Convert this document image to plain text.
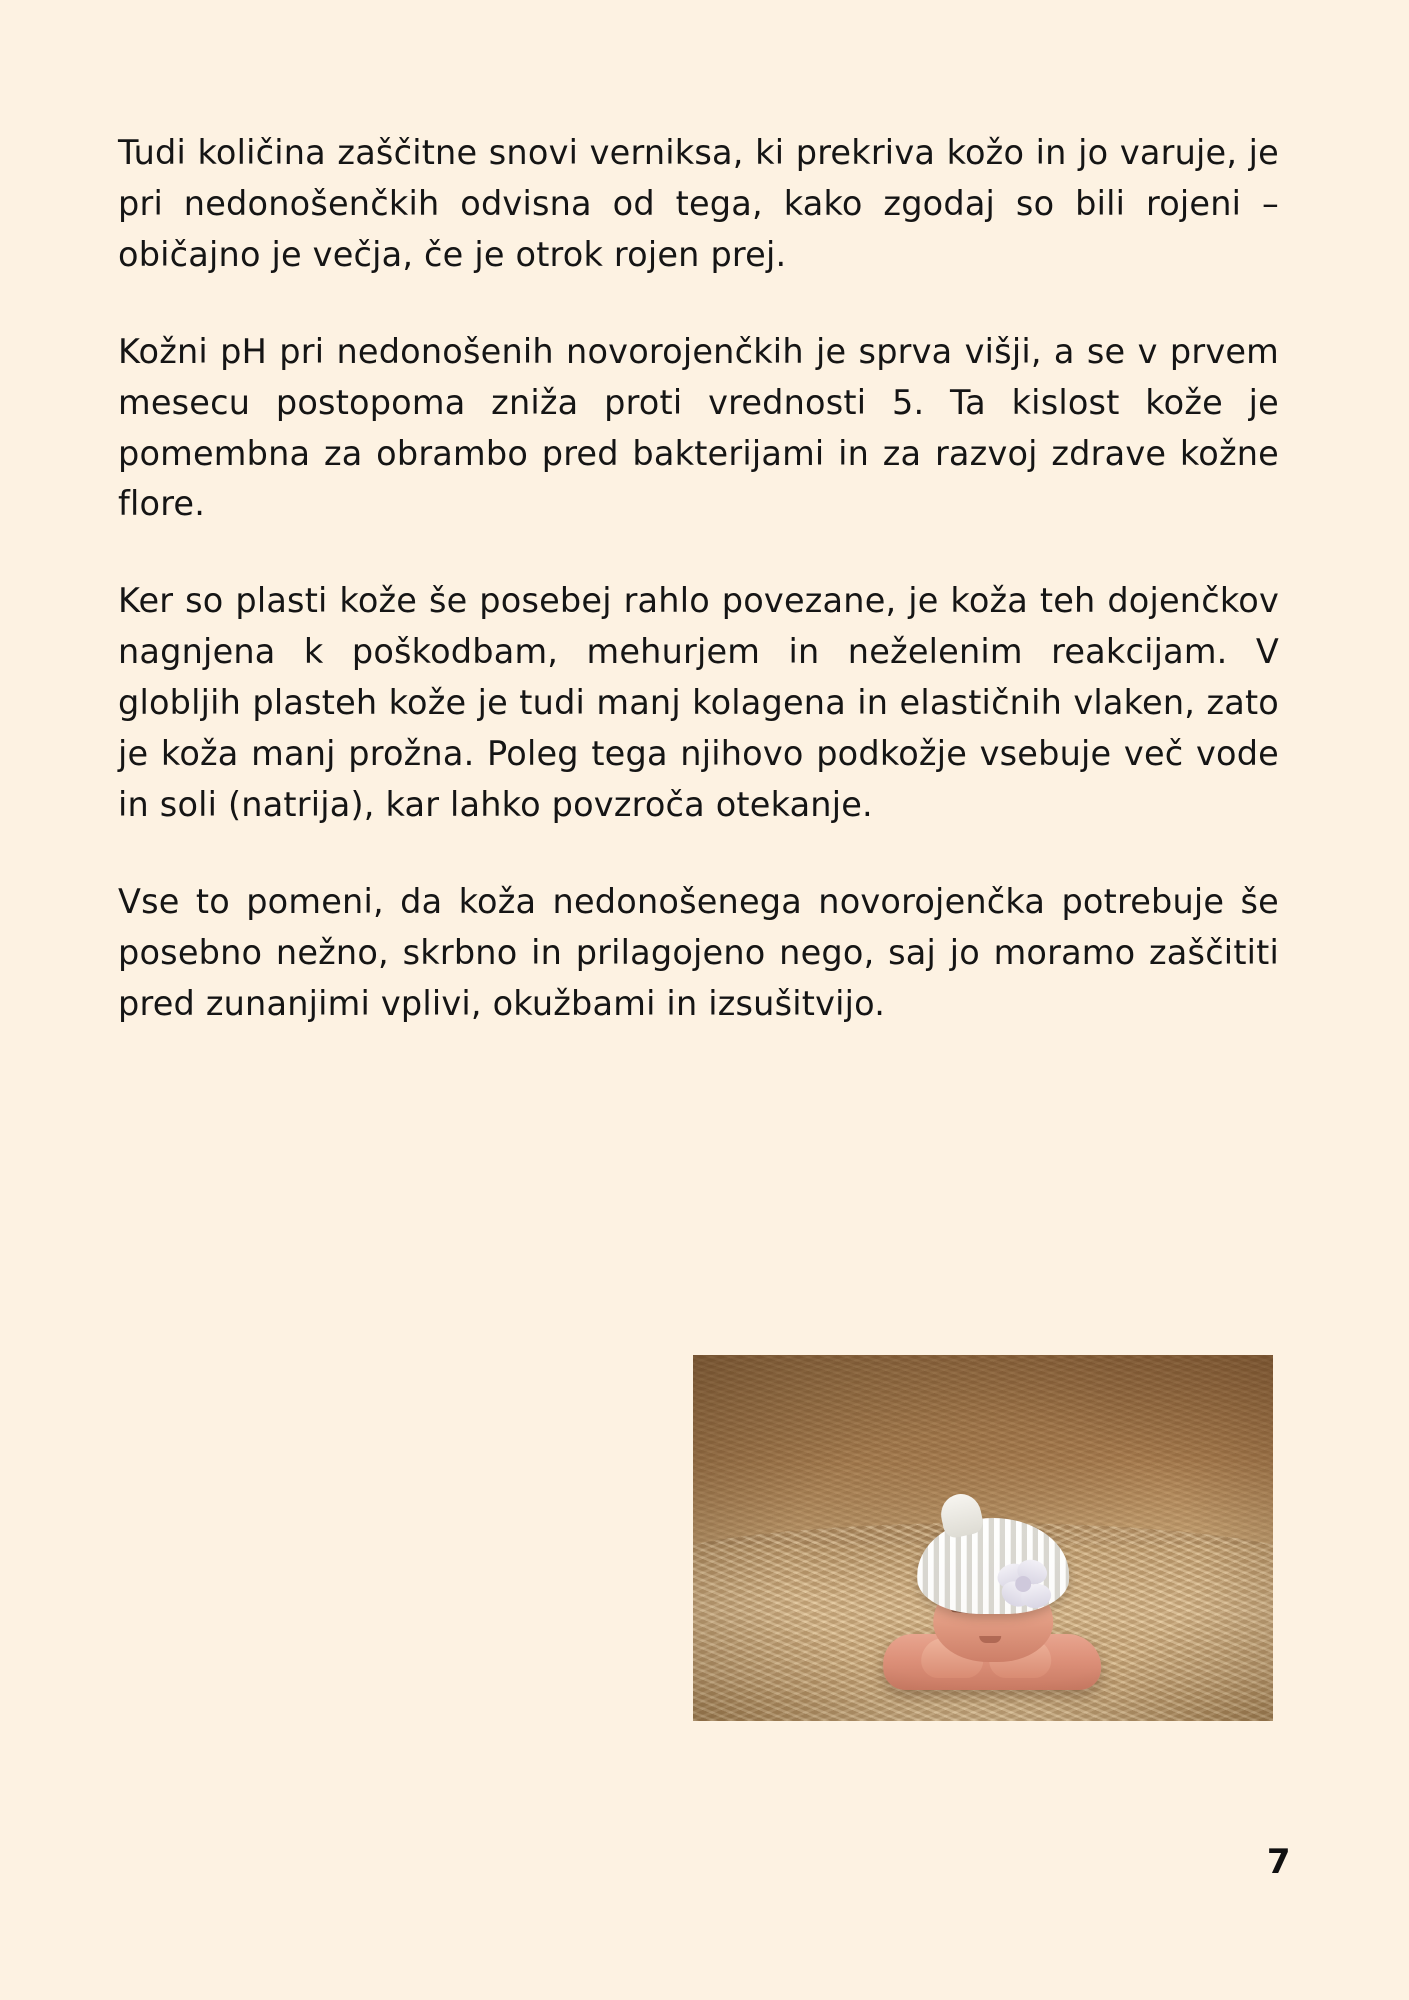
Tudi količina zaščitne snovi verniksa, ki prekriva kožo in jo varuje, je pri nedonošenčkih odvisna od tega, kako zgodaj so bili rojeni – običajno je večja, če je otrok rojen prej.

Kožni pH pri nedonošenih novorojenčkih je sprva višji, a se v prvem mesecu postopoma zniža proti vrednosti 5. Ta kislost kože je pomembna za obrambo pred bakterijami in za razvoj zdrave kožne flore.

Ker so plasti kože še posebej rahlo povezane, je koža teh dojenčkov nagnjena k poškodbam, mehurjem in neželenim reakcijam. V globljih plasteh kože je tudi manj kolagena in elastičnih vlaken, zato je koža manj prožna. Poleg tega njihovo podkožje vsebuje več vode in soli (natrija), kar lahko povzroča otekanje.

Vse to pomeni, da koža nedonošenega novorojenčka potrebuje še posebno nežno, skrbno in prilagojeno nego, saj jo moramo zaščititi pred zunanjimi vplivi, okužbami in izsušitvijo.

7
